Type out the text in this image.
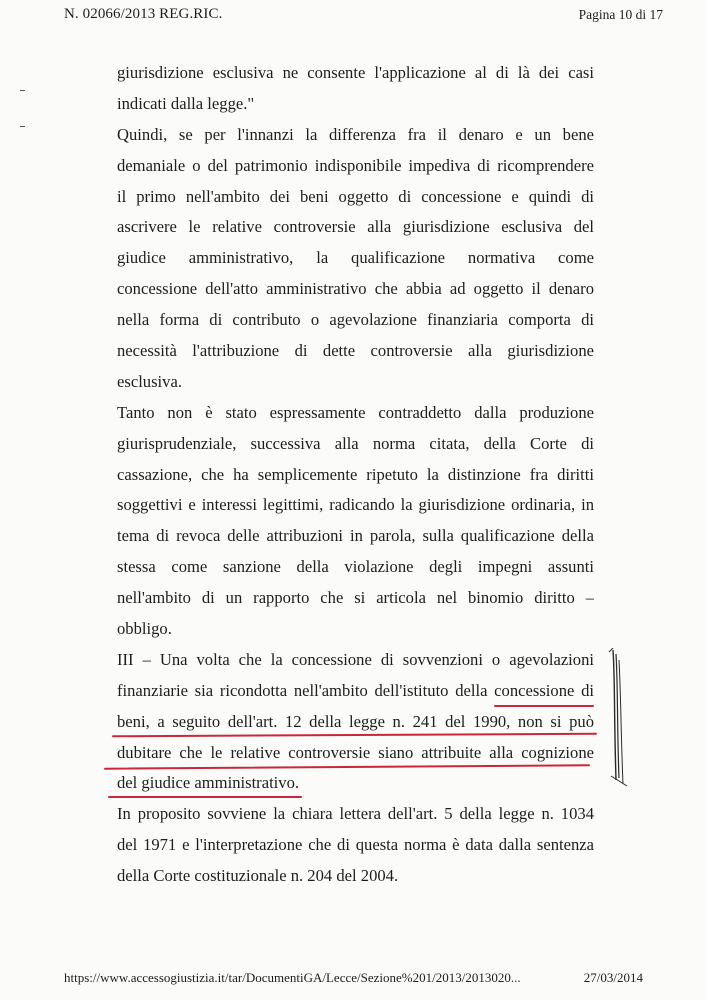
N. 02066/2013 REG.RIC.	Pagina 10 di 17
giurisdizione esclusiva ne consente l'applicazione al di là dei casi
indicati dalla legge."
Quindi, se per l'innanzi la differenza fra il denaro e un bene
demaniale o del patrimonio indisponibile impediva di ricomprendere
il primo nell'ambito dei beni oggetto di concessione e quindi di
ascrivere le relative controversie alla giurisdizione esclusiva del
giudice amministrativo, la qualificazione normativa come
concessione dell'atto amministrativo che abbia ad oggetto il denaro
nella forma di contributo o agevolazione finanziaria comporta di
necessità l'attribuzione di dette controversie alla giurisdizione
esclusiva.
Tanto non è stato espressamente contraddetto dalla produzione
giurisprudenziale, successiva alla norma citata, della Corte di
cassazione, che ha semplicemente ripetuto la distinzione fra diritti
soggettivi e interessi legittimi, radicando la giurisdizione ordinaria, in
tema di revoca delle attribuzioni in parola, sulla qualificazione della
stessa come sanzione della violazione degli impegni assunti
nell'ambito di un rapporto che si articola nel binomio diritto –
obbligo.
III – Una volta che la concessione di sovvenzioni o agevolazioni
finanziarie sia ricondotta nell'ambito dell'istituto della concessione di
beni, a seguito dell'art. 12 della legge n. 241 del 1990, non si può
dubitare che le relative controversie siano attribuite alla cognizione
del giudice amministrativo.
In proposito sovviene la chiara lettera dell'art. 5 della legge n. 1034
del 1971 e l'interpretazione che di questa norma è data dalla sentenza
della Corte costituzionale n. 204 del 2004.
https://www.accessogiustizia.it/tar/DocumentiGA/Lecce/Sezione%201/2013/2013020...	27/03/2014
